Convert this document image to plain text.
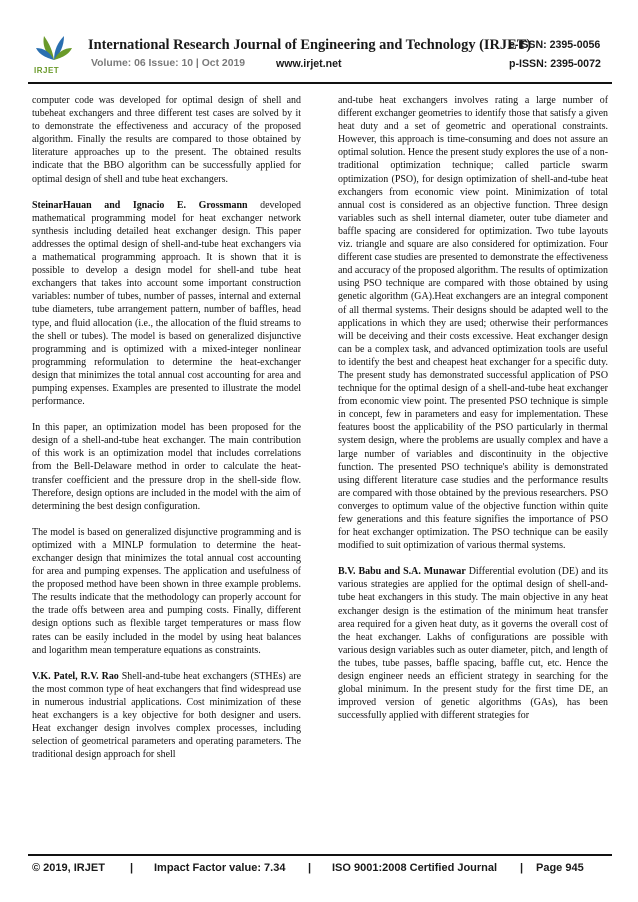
IRJET
International Research Journal of Engineering and Technology (IRJET)
e-ISSN: 2395-0056
Volume: 06 Issue: 10 | Oct 2019	www.irjet.net	p-ISSN: 2395-0072

computer code was developed for optimal design of shell and tubeheat exchangers and three different test cases are solved by it to demonstrate the effectiveness and accuracy of the proposed algorithm. Finally the results are compared to those obtained by literature approaches up to the present. The obtained results indicate that the BBO algorithm can be successfully applied for optimal design of shell and tube heat exchangers.

SteinarHauan and Ignacio E. Grossmann developed mathematical programming model for heat exchanger network synthesis including detailed heat exchanger design. This paper addresses the optimal design of shell-and-tube heat exchangers via a mathematical programming approach. It is shown that it is possible to develop a design model for shell-and tube heat exchangers that takes into account some important construction variables: number of tubes, number of passes, internal and external tube diameters, tube arrangement pattern, number of baffles, head type, and fluid allocation (i.e., the allocation of the fluid streams to the shell or tubes). The model is based on generalized disjunctive programming and is optimized with a mixed-integer nonlinear programming reformulation to determine the heat-exchanger design that minimizes the total annual cost accounting for area and pumping expenses. Examples are presented to illustrate the model performance.

In this paper, an optimization model has been proposed for the design of a shell-and-tube heat exchanger. The main contribution of this work is an optimization model that includes correlations from the Bell-Delaware method in order to calculate the heat-transfer coefficient and the pressure drop in the shell-side flow. Therefore, design options are included in the model with the aim of determining the best design configuration.

The model is based on generalized disjunctive programming and is optimized with a MINLP formulation to determine the heat-exchanger design that minimizes the total annual cost accounting for area and pumping expenses. The application and usefulness of the proposed method have been shown in three example problems. The results indicate that the methodology can properly account for the trade offs between area and pumping costs. Finally, different design options such as flexible target temperatures or mass flow rates can be easily included in the model by using heat balances and logarithm mean temperature equations as constraints.

V.K. Patel, R.V. Rao Shell-and-tube heat exchangers (STHEs) are the most common type of heat exchangers that find widespread use in numerous industrial applications. Cost minimization of these heat exchangers is a key objective for both designer and users. Heat exchanger design involves complex processes, including selection of geometrical parameters and operating parameters. The traditional design approach for shell

and-tube heat exchangers involves rating a large number of different exchanger geometries to identify those that satisfy a given heat duty and a set of geometric and operational constraints. However, this approach is time-consuming and does not assure an optimal solution. Hence the present study explores the use of a non-traditional optimization technique; called particle swarm optimization (PSO), for design optimization of shell-and-tube heat exchangers from economic view point. Minimization of total annual cost is considered as an objective function. Three design variables such as shell internal diameter, outer tube diameter and baffle spacing are considered for optimization. Two tube layouts viz. triangle and square are also considered for optimization. Four different case studies are presented to demonstrate the effectiveness and accuracy of the proposed algorithm. The results of optimization using PSO technique are compared with those obtained by using genetic algorithm (GA).Heat exchangers are an integral component of all thermal systems. Their designs should be adapted well to the applications in which they are used; otherwise their performances will be deceiving and their costs excessive. Heat exchanger design can be a complex task, and advanced optimization tools are useful to identify the best and cheapest heat exchanger for a specific duty. The present study has demonstrated successful application of PSO technique for the optimal design of a shell-and-tube heat exchanger from economic view point. The presented PSO technique is simple in concept, few in parameters and easy for implementation. These features boost the applicability of the PSO particularly in thermal system design, where the problems are usually complex and have a large number of variables and discontinuity in the objective function. The presented PSO technique's ability is demonstrated using different literature case studies and the performance results are compared with those obtained by the previous researchers. PSO converges to optimum value of the objective function within quite few generations and this feature signifies the importance of PSO for heat exchanger optimization. The PSO technique can be easily modified to suit optimization of various thermal systems.

B.V. Babu and S.A. Munawar Differential evolution (DE) and its various strategies are applied for the optimal design of shell-and-tube heat exchangers in this study. The main objective in any heat exchanger design is the estimation of the minimum heat transfer area required for a given heat duty, as it governs the overall cost of the heat exchanger. Lakhs of configurations are possible with various design variables such as outer diameter, pitch, and length of the tubes, tube passes, baffle spacing, baffle cut, etc. Hence the design engineer needs an efficient strategy in searching for the global minimum. In the present study for the first time DE, an improved version of genetic algorithms (GAs), has been successfully applied with different strategies for

© 2019, IRJET | Impact Factor value: 7.34 | ISO 9001:2008 Certified Journal | Page 945
